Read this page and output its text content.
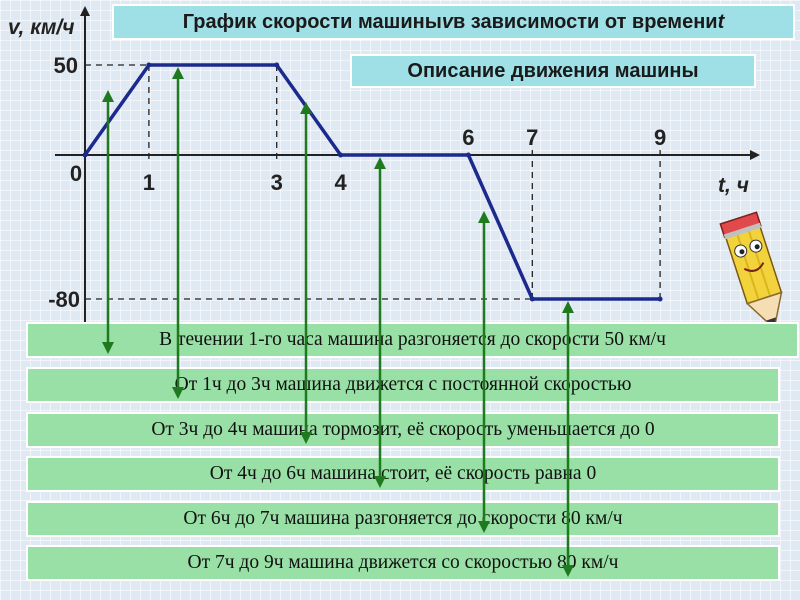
0	1	3 4
6 7	9
50
-80
v, км/ч
t, ч
График скорости машины v в зависимости от времени t
Описание движения машины
В течении 1-го часа машина разгоняется до скорости 50 км/ч
От 1ч до 3ч машина движется с постоянной скоростью
От 3ч до 4ч машина тормозит, её скорость уменьшается до 0
От 4ч до 6ч машина стоит, её скорость равна 0
От 6ч до 7ч машина разгоняется до скорости 80 км/ч
От 7ч до 9ч машина движется со скоростью 80 км/ч
